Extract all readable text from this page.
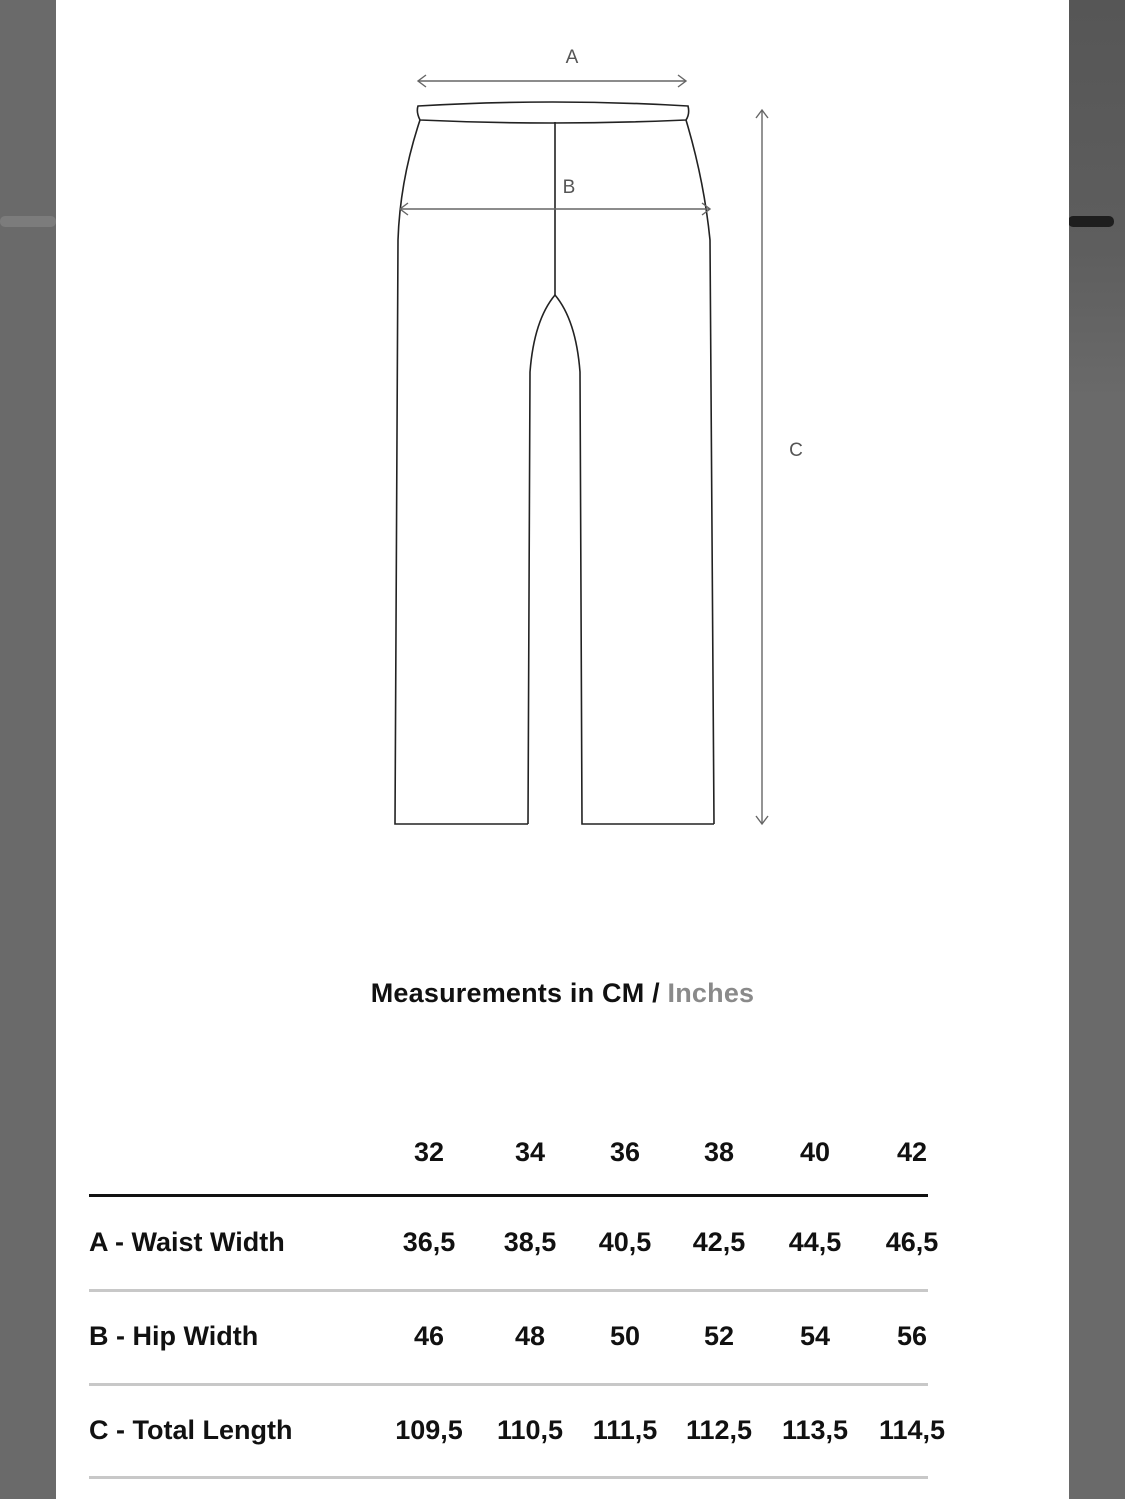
A
B
C
Measurements in CM / Inches
32	34	36	38	40	42
A - Waist Width	36,5	38,5	40,5	42,5	44,5	46,5
B - Hip Width	46	48	50	52	54	56
C - Total Length	109,5	110,5	111,5	112,5	113,5	114,5
